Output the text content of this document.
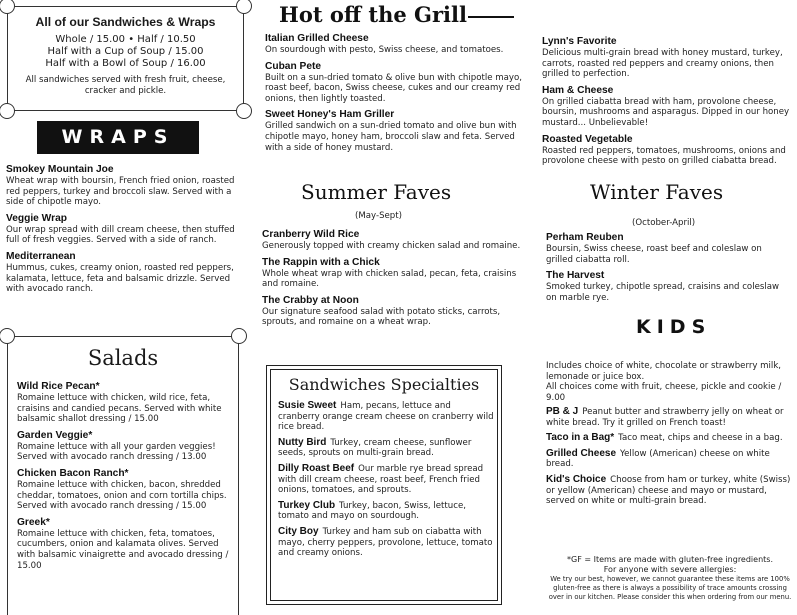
All of our Sandwiches & Wraps
Whole / 15.00 • Half / 10.50
Half with a Cup of Soup / 15.00
Half with a Bowl of Soup / 16.00
All sandwiches served with fresh fruit, cheese, cracker and pickle.
WRAPS
Smokey Mountain Joe
Wheat wrap with boursin, French fried onion, roasted red peppers, turkey and broccoli slaw. Served with a side of chipotle mayo.
Veggie Wrap
Our wrap spread with dill cream cheese, then stuffed full of fresh veggies. Served with a side of ranch.
Mediterranean
Hummus, cukes, creamy onion, roasted red peppers, kalamata, lettuce, feta and balsamic drizzle. Served with avocado ranch.
Salads
Wild Rice Pecan*
Romaine lettuce with chicken, wild rice, feta, craisins and candied pecans. Served with white balsamic shallot dressing / 15.00
Garden Veggie*
Romaine lettuce with all your garden veggies! Served with avocado ranch dressing / 13.00
Chicken Bacon Ranch*
Romaine lettuce with chicken, bacon, shredded cheddar, tomatoes, onion and corn tortilla chips. Served with avocado ranch dressing / 15.00
Greek*
Romaine lettuce with chicken, feta, tomatoes, cucumbers, onion and kalamata olives. Served with balsamic vinaigrette and avocado dressing / 15.00
Hot off the Grill
Italian Grilled Cheese
On sourdough with pesto, Swiss cheese, and tomatoes.
Cuban Pete
Built on a sun-dried tomato & olive bun with chipotle mayo, roast beef, bacon, Swiss cheese, cukes and our creamy red onions, then lightly toasted.
Sweet Honey's Ham Griller
Grilled sandwich on a sun-dried tomato and olive bun with chipotle mayo, honey ham, broccoli slaw and feta. Served with a side of honey mustard.
Lynn's Favorite
Delicious multi-grain bread with honey mustard, turkey, carrots, roasted red peppers and creamy onions, then grilled to perfection.
Ham & Cheese
On grilled ciabatta bread with ham, provolone cheese, boursin, mushrooms and asparagus. Dipped in our honey mustard... Unbelievable!
Roasted Vegetable
Roasted red peppers, tomatoes, mushrooms, onions and provolone cheese with pesto on grilled ciabatta bread.
Summer Faves
(May-Sept)
Cranberry Wild Rice
Generously topped with creamy chicken salad and romaine.
The Rappin with a Chick
Whole wheat wrap with chicken salad, pecan, feta, craisins and romaine.
The Crabby at Noon
Our signature seafood salad with potato sticks, carrots, sprouts, and romaine on a wheat wrap.
Sandwiches Specialties
Susie Sweet Ham, pecans, lettuce and cranberry orange cream cheese on cranberry wild rice bread.
Nutty Bird Turkey, cream cheese, sunflower seeds, sprouts on multi-grain bread.
Dilly Roast Beef Our marble rye bread spread with dill cream cheese, roast beef, French fried onions, tomatoes, and sprouts.
Turkey Club Turkey, bacon, Swiss, lettuce, tomato and mayo on sourdough.
City Boy Turkey and ham sub on ciabatta with mayo, cherry peppers, provolone, lettuce, tomato and creamy onions.
Winter Faves
(October-April)
Perham Reuben
Boursin, Swiss cheese, roast beef and coleslaw on grilled ciabatta roll.
The Harvest
Smoked turkey, chipotle spread, craisins and coleslaw on marble rye.
KIDS
Includes choice of white, chocolate or strawberry milk, lemonade or juice box.
All choices come with fruit, cheese, pickle and cookie / 9.00
PB & J Peanut butter and strawberry jelly on wheat or white bread. Try it grilled on French toast!
Taco in a Bag* Taco meat, chips and cheese in a bag.
Grilled Cheese Yellow (American) cheese on white bread.
Kid's Choice Choose from ham or turkey, white (Swiss) or yellow (American) cheese and mayo or mustard, served on white or multi-grain bread.
*GF = Items are made with gluten-free ingredients.
For anyone with severe allergies:
We try our best, however, we cannot guarantee these items are 100% gluten-free as there is always a possibility of trace amounts crossing over in our kitchen. Please consider this when ordering from our menu.
